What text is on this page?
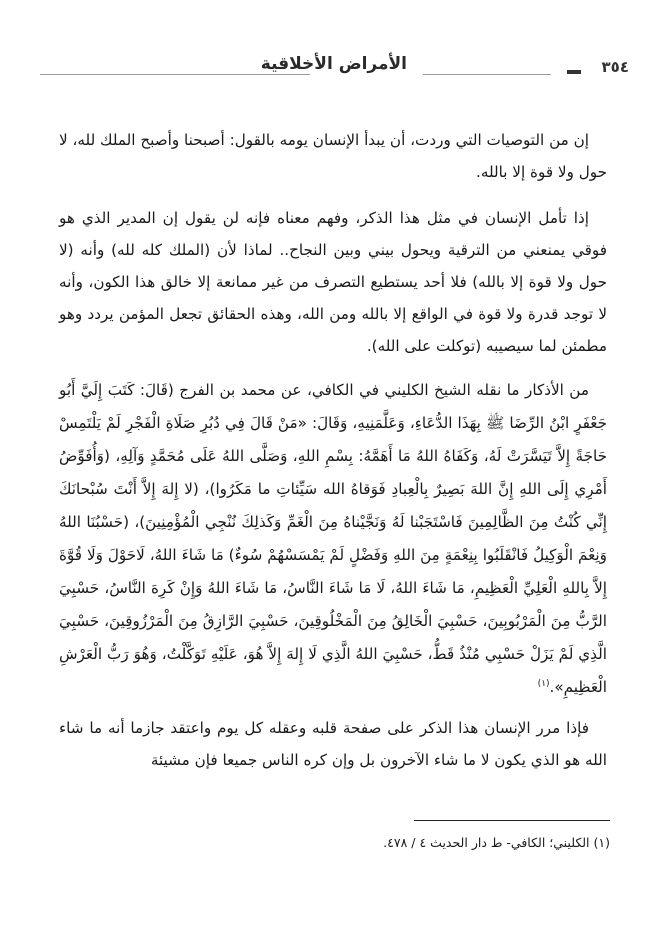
٣٥٤
الأمراض الأخلاقية

إن من التوصيات التي وردت، أن يبدأ الإنسان يومه بالقول: أصبحنا وأصبح الملك لله، لا حول ولا قوة إلا بالله.

إذا تأمل الإنسان في مثل هذا الذكر، وفهم معناه فإنه لن يقول إن المدير الذي هو فوقي يمنعني من الترقية ويحول بيني وبين النجاح.. لماذا لأن (الملك كله لله) وأنه (لا حول ولا قوة إلا بالله) فلا أحد يستطيع التصرف من غير ممانعة إلا خالق هذا الكون، وأنه لا توجد قدرة ولا قوة في الواقع إلا بالله ومن الله، وهذه الحقائق تجعل المؤمن يردد وهو مطمئن لما سيصيبه (توكلت على الله).

من الأذكار ما نقله الشيخ الكليني في الكافي، عن محمد بن الفرج (قَالَ: كَتَبَ إِلَيَّ أَبُو جَعْفَرٍ ابْنُ الرِّضَا ﷺ بِهَذَا الدُّعَاءِ، وَعَلَّمَنِيهِ، وَقَالَ: «مَنْ قَالَ فِي دُبُرِ صَلَاةِ الْفَجْرِ لَمْ يَلْتَمِسْ حَاجَةً إِلاَّ تَيَسَّرَتْ لَهُ، وَكَفَاهُ اللهُ مَا أَهَمَّهُ: بِسْمِ اللهِ، وَصَلَّى اللهُ عَلَى مُحَمَّدٍ وَآلِهِ، (وَأُفَوِّضُ أَمْرِي إِلَى اللهِ إِنَّ اللهَ بَصِيرٌ بِالْعِبادِ فَوَقاهُ الله سَيِّئاتِ ما مَكَرُوا)، (لا إِلهَ إِلاَّ أَنْتَ سُبْحانَكَ إِنِّي كُنْتُ مِنَ الظَّالِمِينَ فَاسْتَجَبْنا لَهُ وَنَجَّيْناهُ مِنَ الْغَمِّ وَكَذلِكَ نُنْجِي الْمُؤْمِنِينَ)، (حَسْبُنَا اللهُ وَنِعْمَ الْوَكِيلُ فَانْقَلَبُوا بِنِعْمَةٍ مِنَ اللهِ وَفَضْلٍ لَمْ يَمْسَسْهُمْ سُوءٌ) مَا شَاءَ اللهُ، لَاحَوْلَ وَلَا قُوَّةَ إِلاَّ بِاللهِ الْعَلِيِّ الْعَظِيمِ، مَا شَاءَ اللهُ، لَا مَا شَاءَ النَّاسُ، مَا شَاءَ اللهُ وَإِنْ كَرِهَ النَّاسُ، حَسْبِيَ الرَّبُّ مِنَ الْمَرْبُوبِينَ، حَسْبِيَ الْخَالِقُ مِنَ الْمَخْلُوقِينَ، حَسْبِيَ الرَّازِقُ مِنَ الْمَرْزُوقِينَ، حَسْبِيَ الَّذِي لَمْ يَزَلْ حَسْبِي مُنْذُ قَطُّ، حَسْبِيَ اللهُ الَّذِي لَا إِلهَ إِلاَّ هُوَ، عَلَيْهِ تَوَكَّلْتُ، وَهُوَ رَبُّ الْعَرْشِ الْعَظِيمِ».$^{(١)}$

فإذا مرر الإنسان هذا الذكر على صفحة قلبه وعقله كل يوم واعتقد جازما أنه ما شاء الله هو الذي يكون لا ما شاء الآخرون بل وإن كره الناس جميعا فإن مشيئة

(١) الكليني؛ الكافي- ط دار الحديث ٤ / ٤٧٨.
